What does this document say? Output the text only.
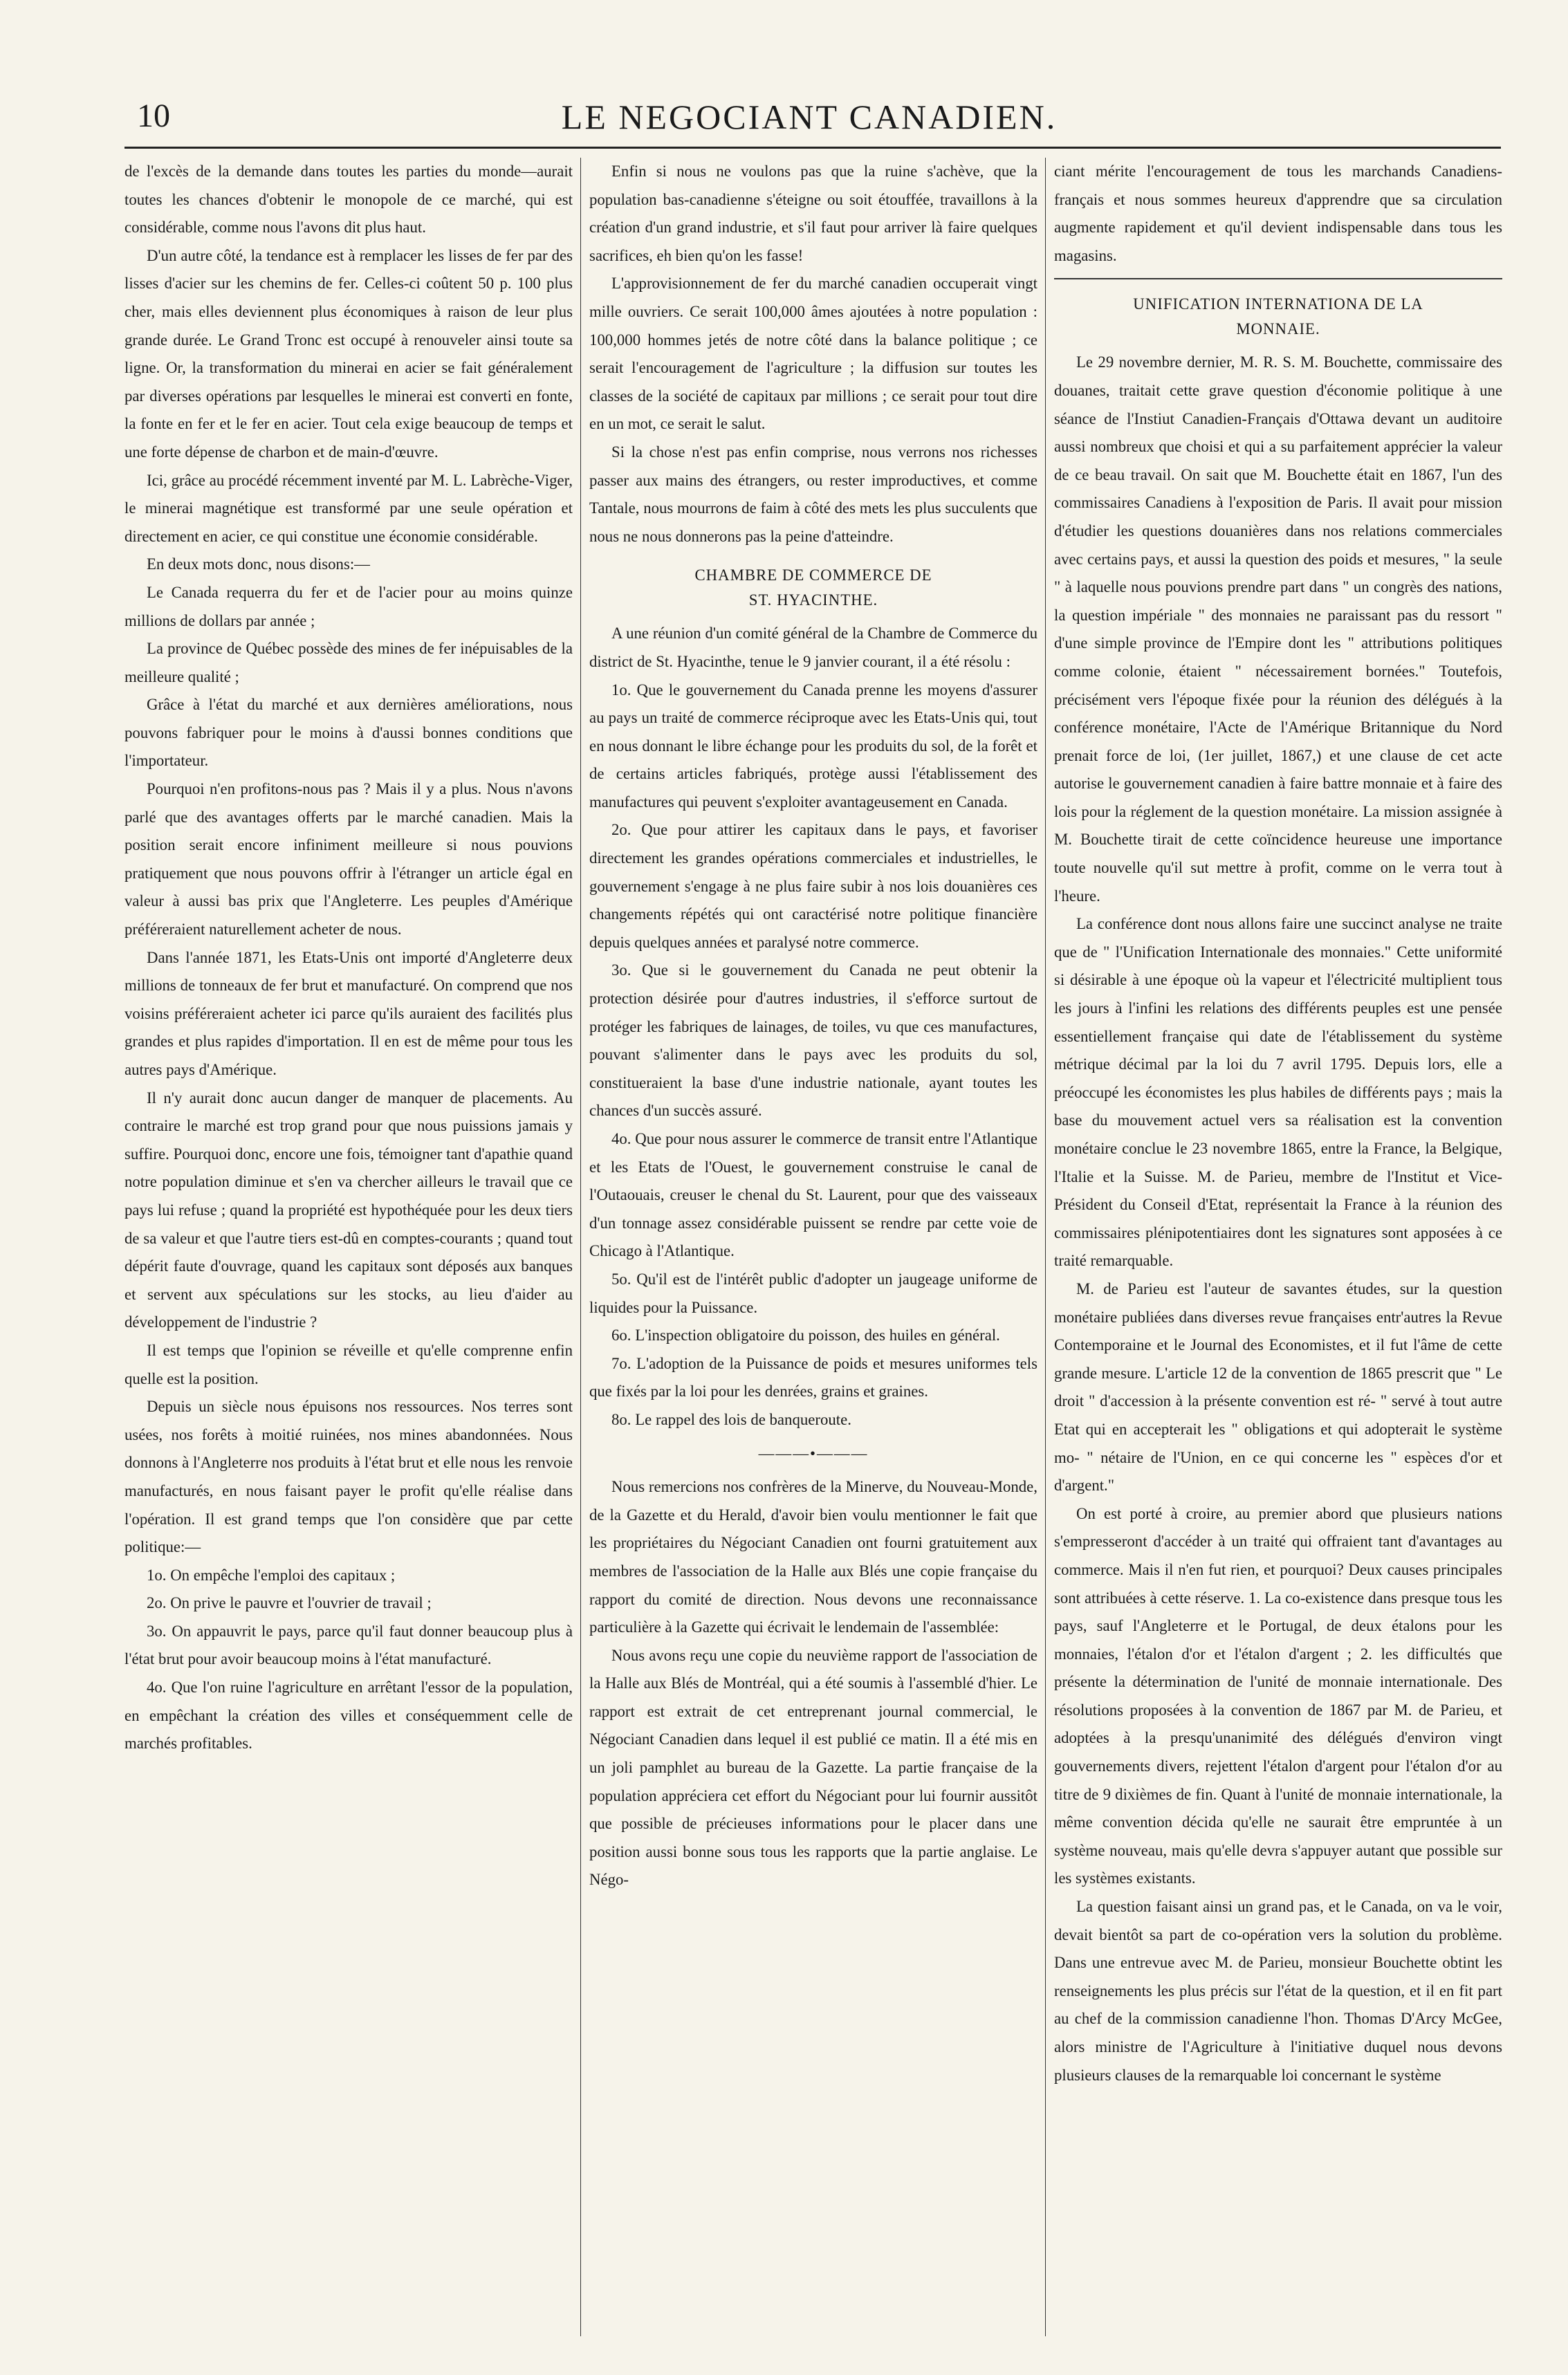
10	LE NEGOCIANT CANADIEN.

de l'excès de la demande dans toutes les parties du monde—aurait toutes les chances d'obtenir le monopole de ce marché, qui est considérable, comme nous l'avons dit plus haut.

D'un autre côté, la tendance est à remplacer les lisses de fer par des lisses d'acier sur les chemins de fer. Celles-ci coûtent 50 p. 100 plus cher, mais elles deviennent plus économiques à raison de leur plus grande durée. Le Grand Tronc est occupé à renouveler ainsi toute sa ligne. Or, la transformation du minerai en acier se fait généralement par diverses opérations par lesquelles le minerai est converti en fonte, la fonte en fer et le fer en acier. Tout cela exige beaucoup de temps et une forte dépense de charbon et de main-d'œuvre.

Ici, grâce au procédé récemment inventé par M. L. Labrèche-Viger, le minerai magnétique est transformé par une seule opération et directement en acier, ce qui constitue une économie considérable.

En deux mots donc, nous disons:—

Le Canada requerra du fer et de l'acier pour au moins quinze millions de dollars par année ;

La province de Québec possède des mines de fer inépuisables de la meilleure qualité ;

Grâce à l'état du marché et aux dernières améliorations, nous pouvons fabriquer pour le moins à d'aussi bonnes conditions que l'importateur.

Pourquoi n'en profitons-nous pas ? Mais il y a plus. Nous n'avons parlé que des avantages offerts par le marché canadien. Mais la position serait encore infiniment meilleure si nous pouvions pratiquement que nous pouvons offrir à l'étranger un article égal en valeur à aussi bas prix que l'Angleterre. Les peuples d'Amérique préféreraient naturellement acheter de nous.

Dans l'année 1871, les Etats-Unis ont importé d'Angleterre deux millions de tonneaux de fer brut et manufacturé. On comprend que nos voisins préféreraient acheter ici parce qu'ils auraient des facilités plus grandes et plus rapides d'importation. Il en est de même pour tous les autres pays d'Amérique.

Il n'y aurait donc aucun danger de manquer de placements. Au contraire le marché est trop grand pour que nous puissions jamais y suffire. Pourquoi donc, encore une fois, témoigner tant d'apathie quand notre population diminue et s'en va chercher ailleurs le travail que ce pays lui refuse ; quand la propriété est hypothéquée pour les deux tiers de sa valeur et que l'autre tiers est-dû en comptes-courants ; quand tout dépérit faute d'ouvrage, quand les capitaux sont déposés aux banques et servent aux spéculations sur les stocks, au lieu d'aider au développement de l'industrie ?

Il est temps que l'opinion se réveille et qu'elle comprenne enfin quelle est la position.

Depuis un siècle nous épuisons nos ressources. Nos terres sont usées, nos forêts à moitié ruinées, nos mines abandonnées. Nous donnons à l'Angleterre nos produits à l'état brut et elle nous les renvoie manufacturés, en nous faisant payer le profit qu'elle réalise dans l'opération. Il est grand temps que l'on considère que par cette politique:—

1o. On empêche l'emploi des capitaux ;

2o. On prive le pauvre et l'ouvrier de travail ;

3o. On appauvrit le pays, parce qu'il faut donner beaucoup plus à l'état brut pour avoir beaucoup moins à l'état manufacturé.

4o. Que l'on ruine l'agriculture en arrêtant l'essor de la population, en empêchant la création des villes et conséquemment celle de marchés profitables.

Enfin si nous ne voulons pas que la ruine s'achève, que la population bas-canadienne s'éteigne ou soit étouffée, travaillons à la création d'un grand industrie, et s'il faut pour arriver là faire quelques sacrifices, eh bien qu'on les fasse!

L'approvisionnement de fer du marché canadien occuperait vingt mille ouvriers. Ce serait 100,000 âmes ajoutées à notre population : 100,000 hommes jetés de notre côté dans la balance politique ; ce serait l'encouragement de l'agriculture ; la diffusion sur toutes les classes de la société de capitaux par millions ; ce serait pour tout dire en un mot, ce serait le salut.

Si la chose n'est pas enfin comprise, nous verrons nos richesses passer aux mains des étrangers, ou rester improductives, et comme Tantale, nous mourrons de faim à côté des mets les plus succulents que nous ne nous donnerons pas la peine d'atteindre.

CHAMBRE DE COMMERCE DE
ST. HYACINTHE.

A une réunion d'un comité général de la Chambre de Commerce du district de St. Hyacinthe, tenue le 9 janvier courant, il a été résolu :

1o. Que le gouvernement du Canada prenne les moyens d'assurer au pays un traité de commerce réciproque avec les Etats-Unis qui, tout en nous donnant le libre échange pour les produits du sol, de la forêt et de certains articles fabriqués, protège aussi l'établissement des manufactures qui peuvent s'exploiter avantageusement en Canada.

2o. Que pour attirer les capitaux dans le pays, et favoriser directement les grandes opérations commerciales et industrielles, le gouvernement s'engage à ne plus faire subir à nos lois douanières ces changements répétés qui ont caractérisé notre politique financière depuis quelques années et paralysé notre commerce.

3o. Que si le gouvernement du Canada ne peut obtenir la protection désirée pour d'autres industries, il s'efforce surtout de protéger les fabriques de lainages, de toiles, vu que ces manufactures, pouvant s'alimenter dans le pays avec les produits du sol, constitueraient la base d'une industrie nationale, ayant toutes les chances d'un succès assuré.

4o. Que pour nous assurer le commerce de transit entre l'Atlantique et les Etats de l'Ouest, le gouvernement construise le canal de l'Outaouais, creuser le chenal du St. Laurent, pour que des vaisseaux d'un tonnage assez considérable puissent se rendre par cette voie de Chicago à l'Atlantique.

5o. Qu'il est de l'intérêt public d'adopter un jaugeage uniforme de liquides pour la Puissance.

6o. L'inspection obligatoire du poisson, des huiles en général.

7o. L'adoption de la Puissance de poids et mesures uniformes tels que fixés par la loi pour les denrées, grains et graines.

8o. Le rappel des lois de banqueroute.

———•———

Nous remercions nos confrères de la Minerve, du Nouveau-Monde, de la Gazette et du Herald, d'avoir bien voulu mentionner le fait que les propriétaires du Négociant Canadien ont fourni gratuitement aux membres de l'association de la Halle aux Blés une copie française du rapport du comité de direction. Nous devons une reconnaissance particulière à la Gazette qui écrivait le lendemain de l'assemblée:

Nous avons reçu une copie du neuvième rapport de l'association de la Halle aux Blés de Montréal, qui a été soumis à l'assemblé d'hier. Le rapport est extrait de cet entreprenant journal commercial, le Négociant Canadien dans lequel il est publié ce matin. Il a été mis en un joli pamphlet au bureau de la Gazette. La partie française de la population appréciera cet effort du Négociant pour lui fournir aussitôt que possible de précieuses informations pour le placer dans une position aussi bonne sous tous les rapports que la partie anglaise. Le Négo-

ciant mérite l'encouragement de tous les marchands Canadiens-français et nous sommes heureux d'apprendre que sa circulation augmente rapidement et qu'il devient indispensable dans tous les magasins.

UNIFICATION INTERNATIONA DE LA
MONNAIE.

Le 29 novembre dernier, M. R. S. M. Bouchette, commissaire des douanes, traitait cette grave question d'économie politique à une séance de l'Instiut Canadien-Français d'Ottawa devant un auditoire aussi nombreux que choisi et qui a su parfaitement apprécier la valeur de ce beau travail. On sait que M. Bouchette était en 1867, l'un des commissaires Canadiens à l'exposition de Paris. Il avait pour mission d'étudier les questions douanières dans nos relations commerciales avec certains pays, et aussi la question des poids et mesures, " la seule " à laquelle nous pouvions prendre part dans " un congrès des nations, la question impériale " des monnaies ne paraissant pas du ressort " d'une simple province de l'Empire dont les " attributions politiques comme colonie, étaient " nécessairement bornées." Toutefois, précisément vers l'époque fixée pour la réunion des délégués à la conférence monétaire, l'Acte de l'Amérique Britannique du Nord prenait force de loi, (1er juillet, 1867,) et une clause de cet acte autorise le gouvernement canadien à faire battre monnaie et à faire des lois pour la réglement de la question monétaire. La mission assignée à M. Bouchette tirait de cette coïncidence heureuse une importance toute nouvelle qu'il sut mettre à profit, comme on le verra tout à l'heure.

La conférence dont nous allons faire une succinct analyse ne traite que de " l'Unification Internationale des monnaies." Cette uniformité si désirable à une époque où la vapeur et l'électricité multiplient tous les jours à l'infini les relations des différents peuples est une pensée essentiellement française qui date de l'établissement du système métrique décimal par la loi du 7 avril 1795. Depuis lors, elle a préoccupé les économistes les plus habiles de différents pays ; mais la base du mouvement actuel vers sa réalisation est la convention monétaire conclue le 23 novembre 1865, entre la France, la Belgique, l'Italie et la Suisse. M. de Parieu, membre de l'Institut et Vice-Président du Conseil d'Etat, représentait la France à la réunion des commissaires plénipotentiaires dont les signatures sont apposées à ce traité remarquable.

M. de Parieu est l'auteur de savantes études, sur la question monétaire publiées dans diverses revue françaises entr'autres la Revue Contemporaine et le Journal des Economistes, et il fut l'âme de cette grande mesure. L'article 12 de la convention de 1865 prescrit que " Le droit " d'accession à la présente convention est ré- " servé à tout autre Etat qui en accepterait les " obligations et qui adopterait le système mo- " nétaire de l'Union, en ce qui concerne les " espèces d'or et d'argent."

On est porté à croire, au premier abord que plusieurs nations s'empresseront d'accéder à un traité qui offraient tant d'avantages au commerce. Mais il n'en fut rien, et pourquoi? Deux causes principales sont attribuées à cette réserve. 1. La co-existence dans presque tous les pays, sauf l'Angleterre et le Portugal, de deux étalons pour les monnaies, l'étalon d'or et l'étalon d'argent ; 2. les difficultés que présente la détermination de l'unité de monnaie internationale. Des résolutions proposées à la convention de 1867 par M. de Parieu, et adoptées à la presqu'unanimité des délégués d'environ vingt gouvernements divers, rejettent l'étalon d'argent pour l'étalon d'or au titre de 9 dixièmes de fin. Quant à l'unité de monnaie internationale, la même convention décida qu'elle ne saurait être empruntée à un système nouveau, mais qu'elle devra s'appuyer autant que possible sur les systèmes existants.

La question faisant ainsi un grand pas, et le Canada, on va le voir, devait bientôt sa part de co-opération vers la solution du problème. Dans une entrevue avec M. de Parieu, monsieur Bouchette obtint les renseignements les plus précis sur l'état de la question, et il en fit part au chef de la commission canadienne l'hon. Thomas D'Arcy McGee, alors ministre de l'Agriculture à l'initiative duquel nous devons plusieurs clauses de la remarquable loi concernant le système
